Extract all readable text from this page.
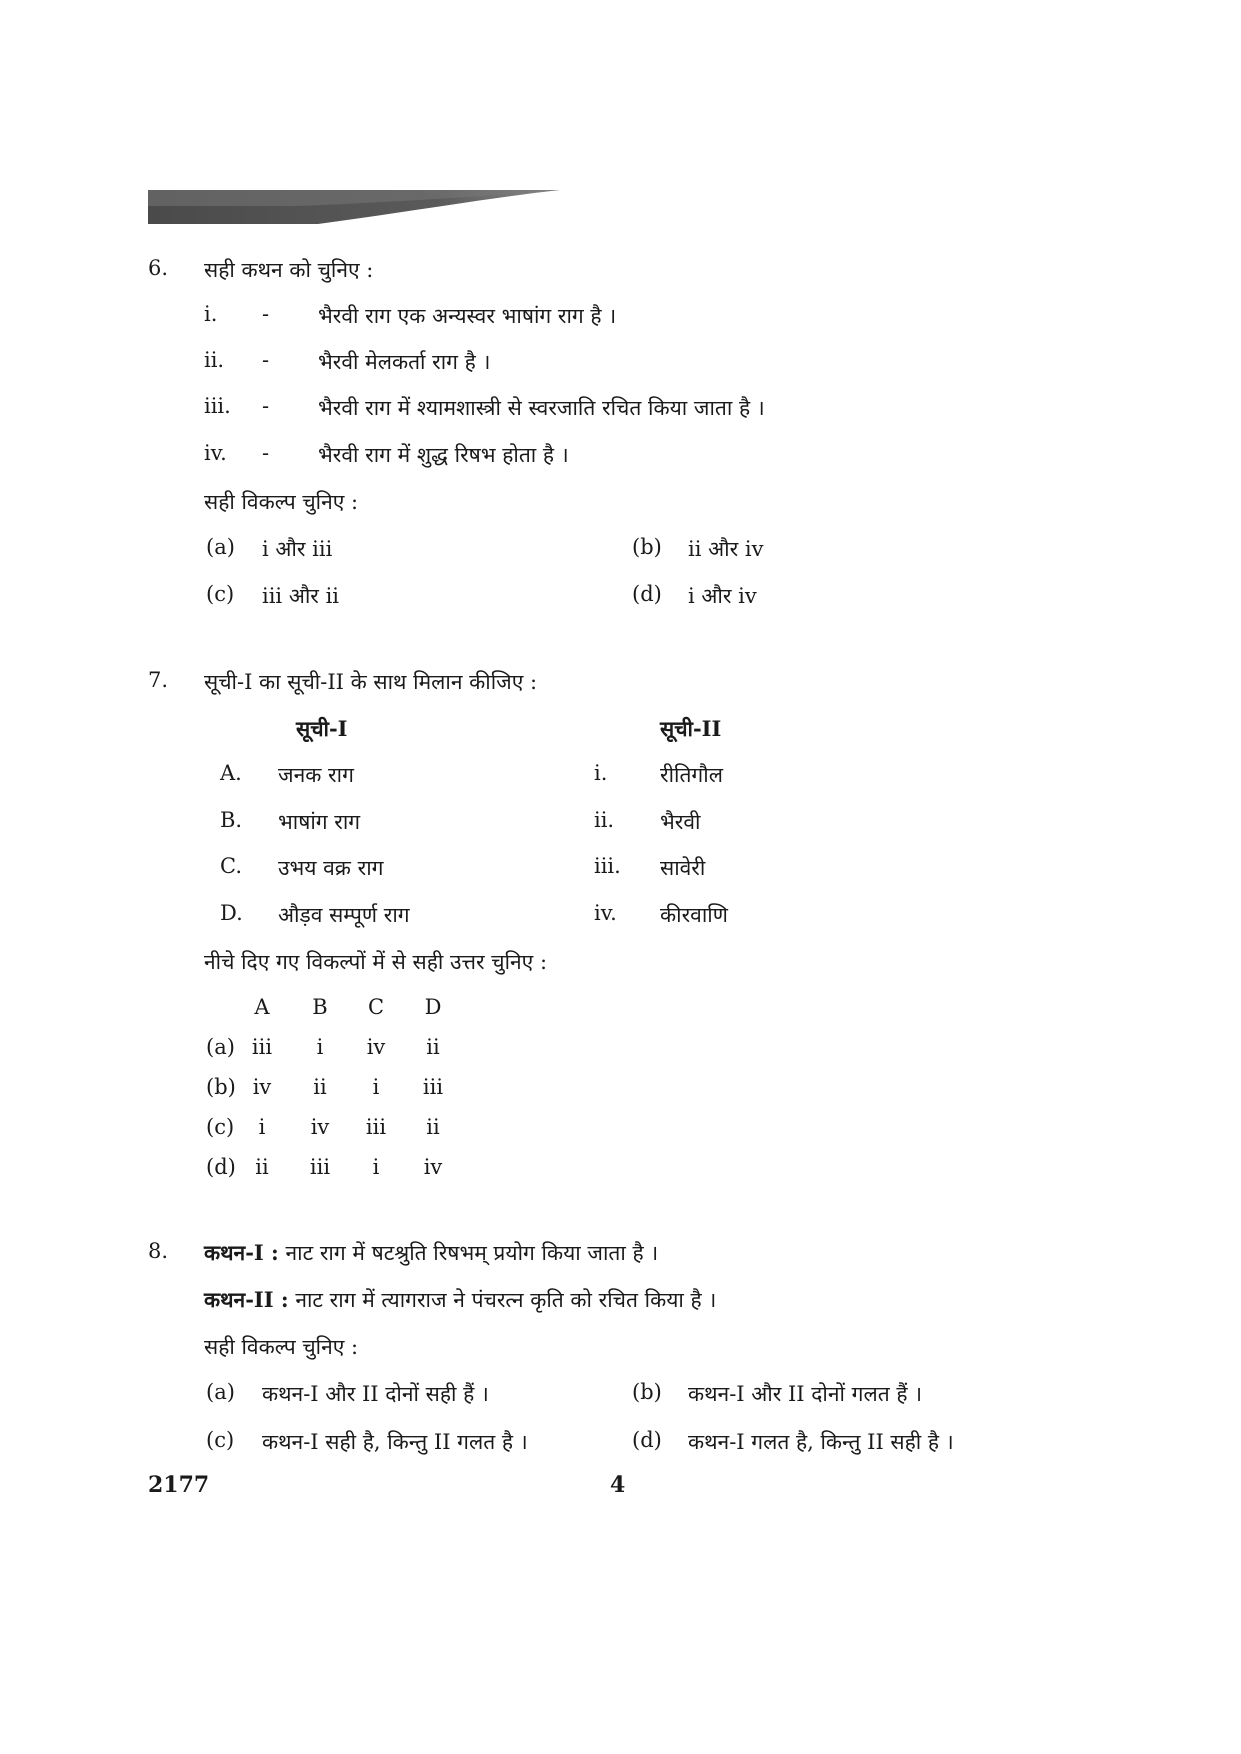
6. सही कथन को चुनिए :
i. - भैरवी राग एक अन्यस्वर भाषांग राग है ।
ii. - भैरवी मेलकर्ता राग है ।
iii. - भैरवी राग में श्यामशास्त्री से स्वरजाति रचित किया जाता है ।
iv. - भैरवी राग में शुद्ध रिषभ होता है ।
सही विकल्प चुनिए :
(a) i और iii	(b) ii और iv
(c) iii और ii	(d) i और iv
7. सूची-I का सूची-II के साथ मिलान कीजिए :
सूची-I	सूची-II
A. जनक राग	i.	रीतिगौल
B. भाषांग राग	ii. भैरवी
C. उभय वक्र राग	iii. सावेरी
D. औड़व सम्पूर्ण राग	iv. कीरवाणि
नीचे दिए गए विकल्पों में से सही उत्तर चुनिए :
A B C D
(a) iii i iv ii
(b) iv ii i iii
(c) i iv iii ii
(d) ii iii i iv
8. कथन-I : नाट राग में षटश्रुति रिषभम् प्रयोग किया जाता है ।
कथन-II : नाट राग में त्यागराज ने पंचरत्न कृति को रचित किया है ।
सही विकल्प चुनिए :
(a) कथन-I और II दोनों सही हैं ।	(b) कथन-I और II दोनों गलत हैं ।
(c) कथन-I सही है, किन्तु II गलत है ।	(d) कथन-I गलत है, किन्तु II सही है ।
2177	4
